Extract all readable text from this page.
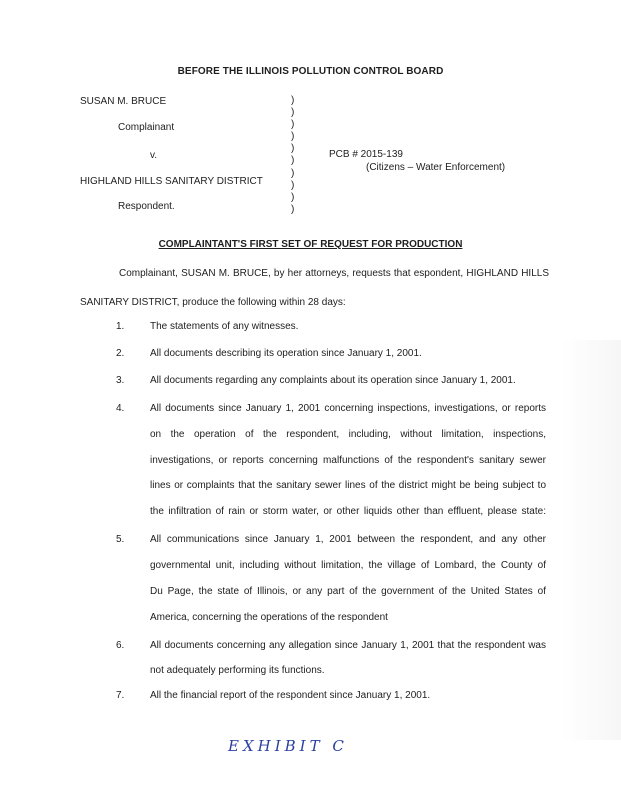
BEFORE THE ILLINOIS POLLUTION CONTROL BOARD
SUSAN M. BRUCE
Complainant
v.
HIGHLAND HILLS SANITARY DISTRICT
Respondent.
)
)
)
)
)
)
)
)
)
)
PCB # 2015-139
(Citizens – Water Enforcement)
COMPLAINTANT'S FIRST SET OF REQUEST FOR PRODUCTION
Complainant, SUSAN M. BRUCE, by her attorneys, requests that espondent, HIGHLAND HILLS
SANITARY DISTRICT, produce the following within 28 days:
1.	The statements of any witnesses.
2.	All documents describing its operation since January 1, 2001.
3.	All documents regarding any complaints about its operation since January 1, 2001.
4.	All documents since January 1, 2001 concerning inspections, investigations, or reports
on the operation of the respondent, including, without limitation, inspections,
investigations, or reports concerning malfunctions of the respondent's sanitary sewer
lines or complaints that the sanitary sewer lines of the district might be being subject to
the infiltration of rain or storm water, or other liquids other than effluent, please state:
5.	All communications since January 1, 2001 between the respondent, and any other
governmental unit, including without limitation, the village of Lombard, the County of
Du Page, the state of Illinois, or any part of the government of the United States of
America, concerning the operations of the respondent
6.	All documents concerning any allegation since January 1, 2001 that the respondent was
not adequately performing its functions.
7.	All the financial report of the respondent since January 1, 2001.
EXHIBIT C
